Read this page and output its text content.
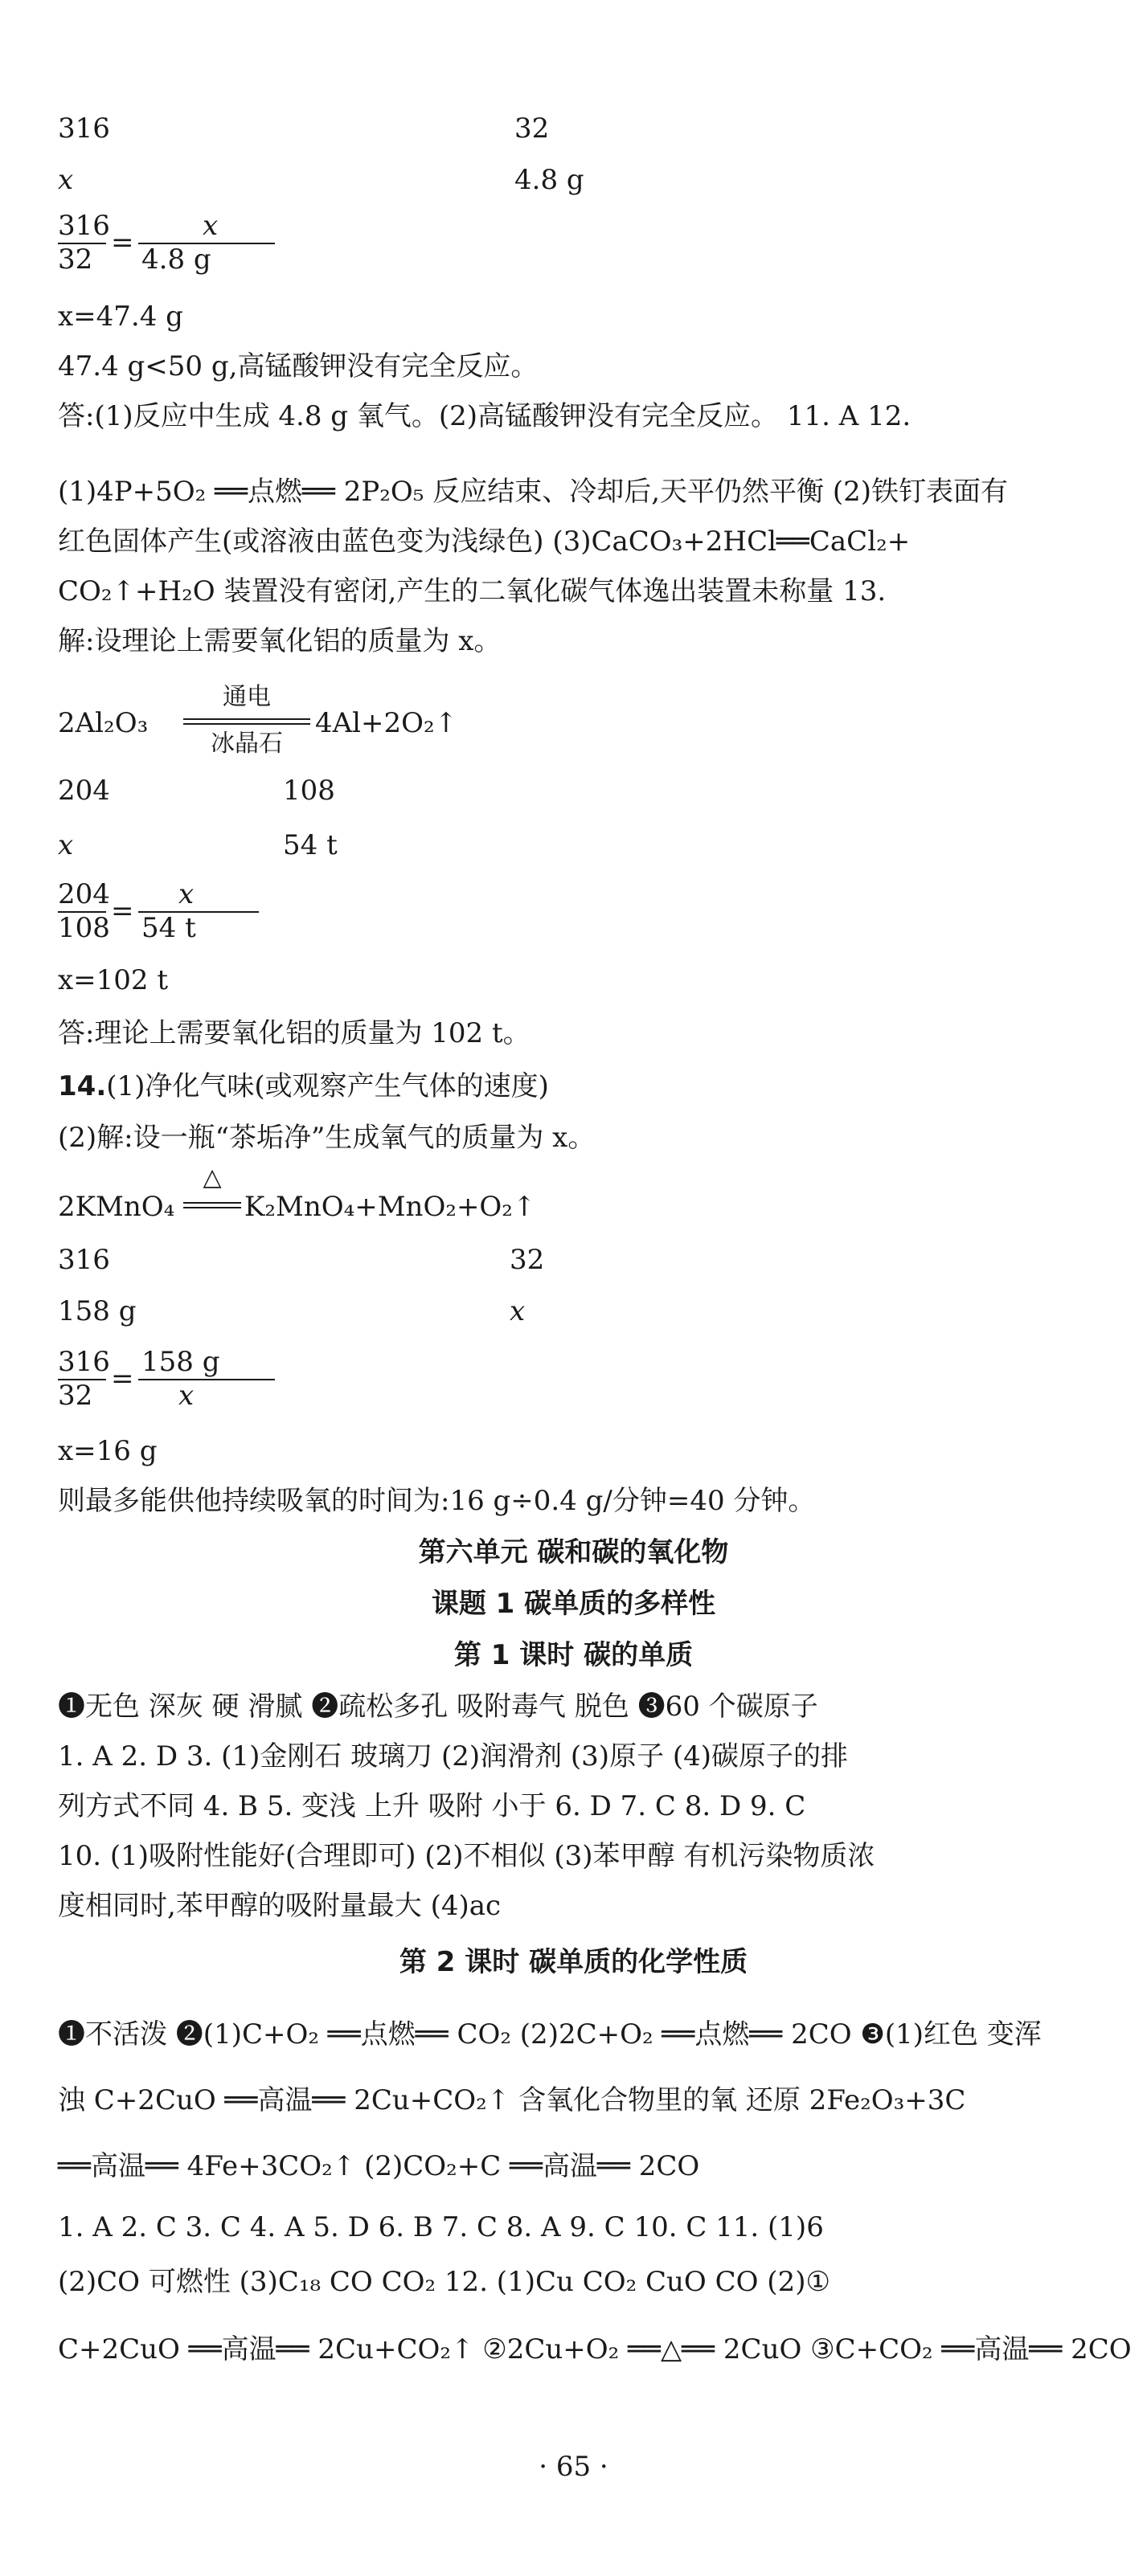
316	32
x	4.8 g
316
32
=
x
4.8 g
x=47.4 g
47.4 g<50 g,高锰酸钾没有完全反应。
答:(1)反应中生成 4.8 g 氧气。(2)高锰酸钾没有完全反应。 11. A 12.
(1)4P+5O₂ ══点燃══ 2P₂O₅ 反应结束、冷却后,天平仍然平衡 (2)铁钉表面有
红色固体产生(或溶液由蓝色变为浅绿色) (3)CaCO₃+2HCl══CaCl₂+
CO₂↑+H₂O 装置没有密闭,产生的二氧化碳气体逸出装置未称量 13.
解:设理论上需要氧化铝的质量为 x。
2Al₂O₃
通电
冰晶石
4Al+2O₂↑
204	108
x	54 t
204
108
=
x
54 t
x=102 t
答:理论上需要氧化铝的质量为 102 t。
14.(1)净化气味(或观察产生气体的速度)
(2)解:设一瓶“茶垢净”生成氧气的质量为 x。
2KMnO₄
△
K₂MnO₄+MnO₂+O₂↑
316	32
158 g	x
316
32
=
158 g
x
x=16 g
则最多能供他持续吸氧的时间为:16 g÷0.4 g/分钟=40 分钟。
第六单元 碳和碳的氧化物
课题 1 碳单质的多样性
第 1 课时 碳的单质
❶无色 深灰 硬 滑腻 ❷疏松多孔 吸附毒气 脱色 ❸60 个碳原子
1. A 2. D 3. (1)金刚石 玻璃刀 (2)润滑剂 (3)原子 (4)碳原子的排
列方式不同 4. B 5. 变浅 上升 吸附 小于 6. D 7. C 8. D 9. C
10. (1)吸附性能好(合理即可) (2)不相似 (3)苯甲醇 有机污染物质浓
度相同时,苯甲醇的吸附量最大 (4)ac
第 2 课时 碳单质的化学性质
❶不活泼 ❷(1)C+O₂ ══点燃══ CO₂ (2)2C+O₂ ══点燃══ 2CO ❸(1)红色 变浑
浊 C+2CuO ══高温══ 2Cu+CO₂↑ 含氧化合物里的氧 还原 2Fe₂O₃+3C
══高温══ 4Fe+3CO₂↑ (2)CO₂+C ══高温══ 2CO
1. A 2. C 3. C 4. A 5. D 6. B 7. C 8. A 9. C 10. C 11. (1)6
(2)CO 可燃性 (3)C₁₈ CO CO₂ 12. (1)Cu CO₂ CuO CO (2)①
C+2CuO ══高温══ 2Cu+CO₂↑ ②2Cu+O₂ ══△══ 2CuO ③C+CO₂ ══高温══ 2CO
· 65 ·
